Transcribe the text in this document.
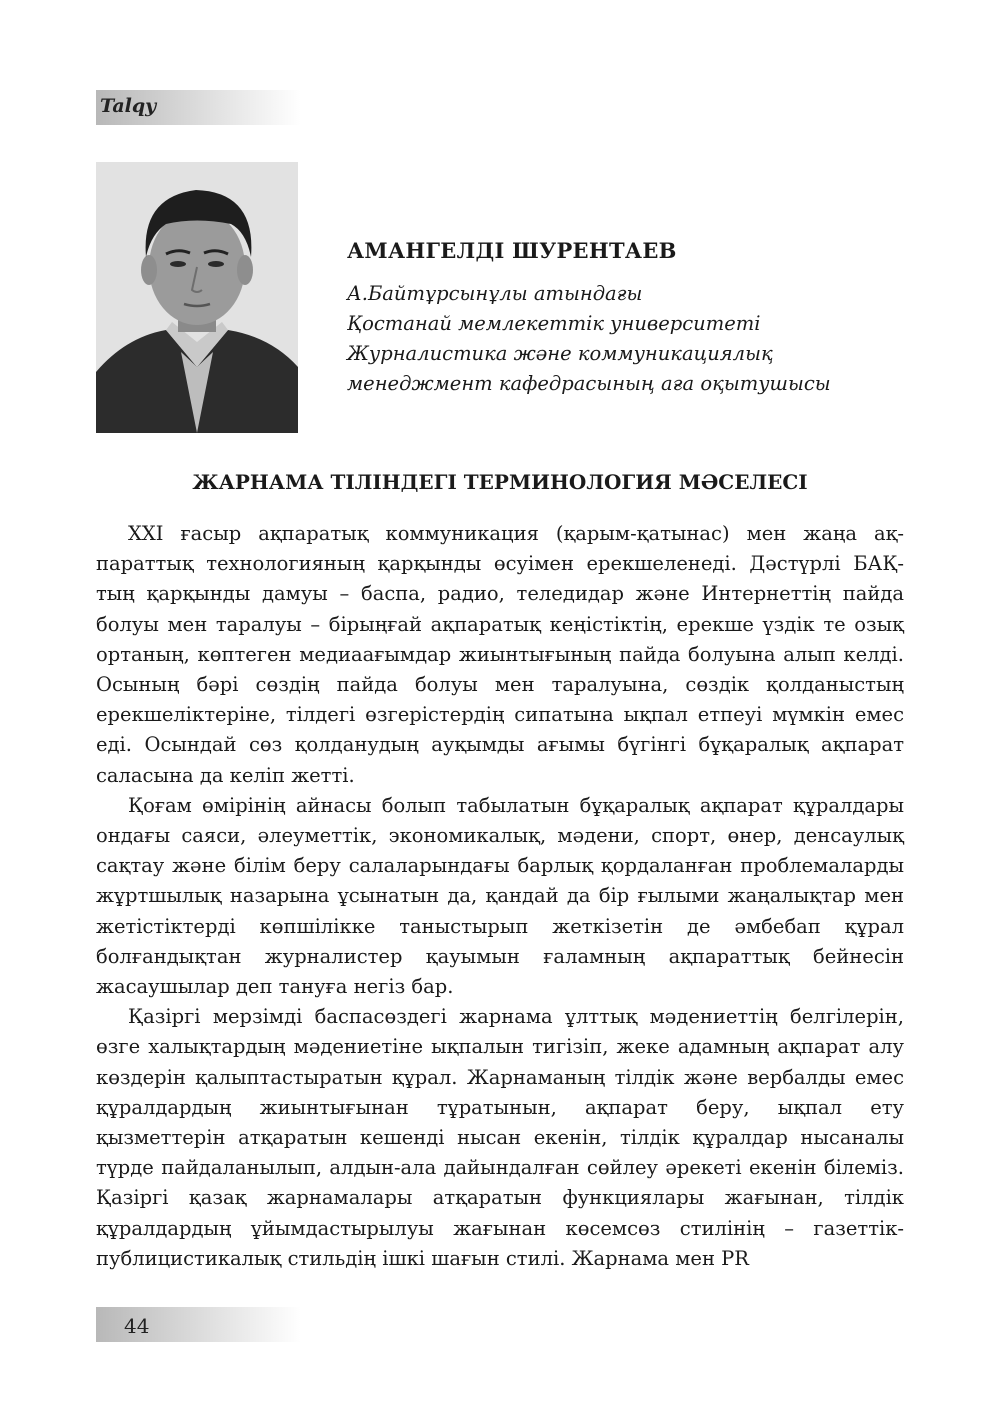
Talqy

АМАНГЕЛДІ ШУРЕНТАЕВ

А.Байтұрсынұлы атындағы

Қостанай мемлекеттік университеті

Журналистика және коммуникациялық

менеджмент кафедрасының аға оқытушысы

ЖАРНАМА ТІЛІНДЕГІ ТЕРМИНОЛОГИЯ МӘСЕЛЕСІ

XXI ғасыр ақпаратық коммуникация (қарым-қатынас) мен жаңа ақпараттық технологияның қарқынды өсуімен ерекшеленеді. Дәстүрлі БАҚ-тың қарқынды дамуы – баспа, радио, теледидар және Интернеттің пайда болуы мен таралуы – бірыңғай ақпаратық кеңістіктің, ерекше үздік те озық ортаның, көптеген медиаағымдар жиынтығының пайда болуына алып келді. Осының бәрі сөздің пайда болуы мен таралуына, сөздік қолданыстың ерекшеліктеріне, тілдегі өзгерістердің сипатына ықпал етпеуі мүмкін емес еді. Осындай сөз қолданудың ауқымды ағымы бүгінгі бұқаралық ақпарат саласына да келіп жетті.

Қоғам өмірінің айнасы болып табылатын бұқаралық ақпарат құралдары ондағы саяси, әлеуметтік, экономикалық, мәдени, спорт, өнер, денсаулық сақтау және білім беру салаларындағы барлық қордаланған проблемаларды жұртшылық назарына ұсынатын да, қандай да бір ғылыми жаңалықтар мен жетістіктерді көпшілікке таныстырып жеткізетін де әмбебап құрал болғандықтан журналистер қауымын ғаламның ақпараттық бейнесін жасаушылар деп тануға негіз бар.

Қазіргі мерзімді баспасөздегі жарнама ұлттық мәдениеттің белгілерін, өзге халықтардың мәдениетіне ықпалын тигізіп, жеке адамның ақпарат алу көздерін қалыптастыратын құрал. Жарнаманың тілдік және вербалды емес құралдардың жиынтығынан тұратынын, ақпарат беру, ықпал ету қызметтерін атқаратын кешенді нысан екенін, тілдік құралдар нысаналы түрде пайдаланылып, алдын-ала дайындалған сөйлеу әрекеті екенін білеміз. Қазіргі қазақ жарнамалары атқаратын функциялары жағынан, тілдік құралдардың ұйымдастырылуы жағынан көсемсөз стилінің – газеттік-публицистикалық стильдің ішкі шағын стилі. Жарнама мен PR

44
